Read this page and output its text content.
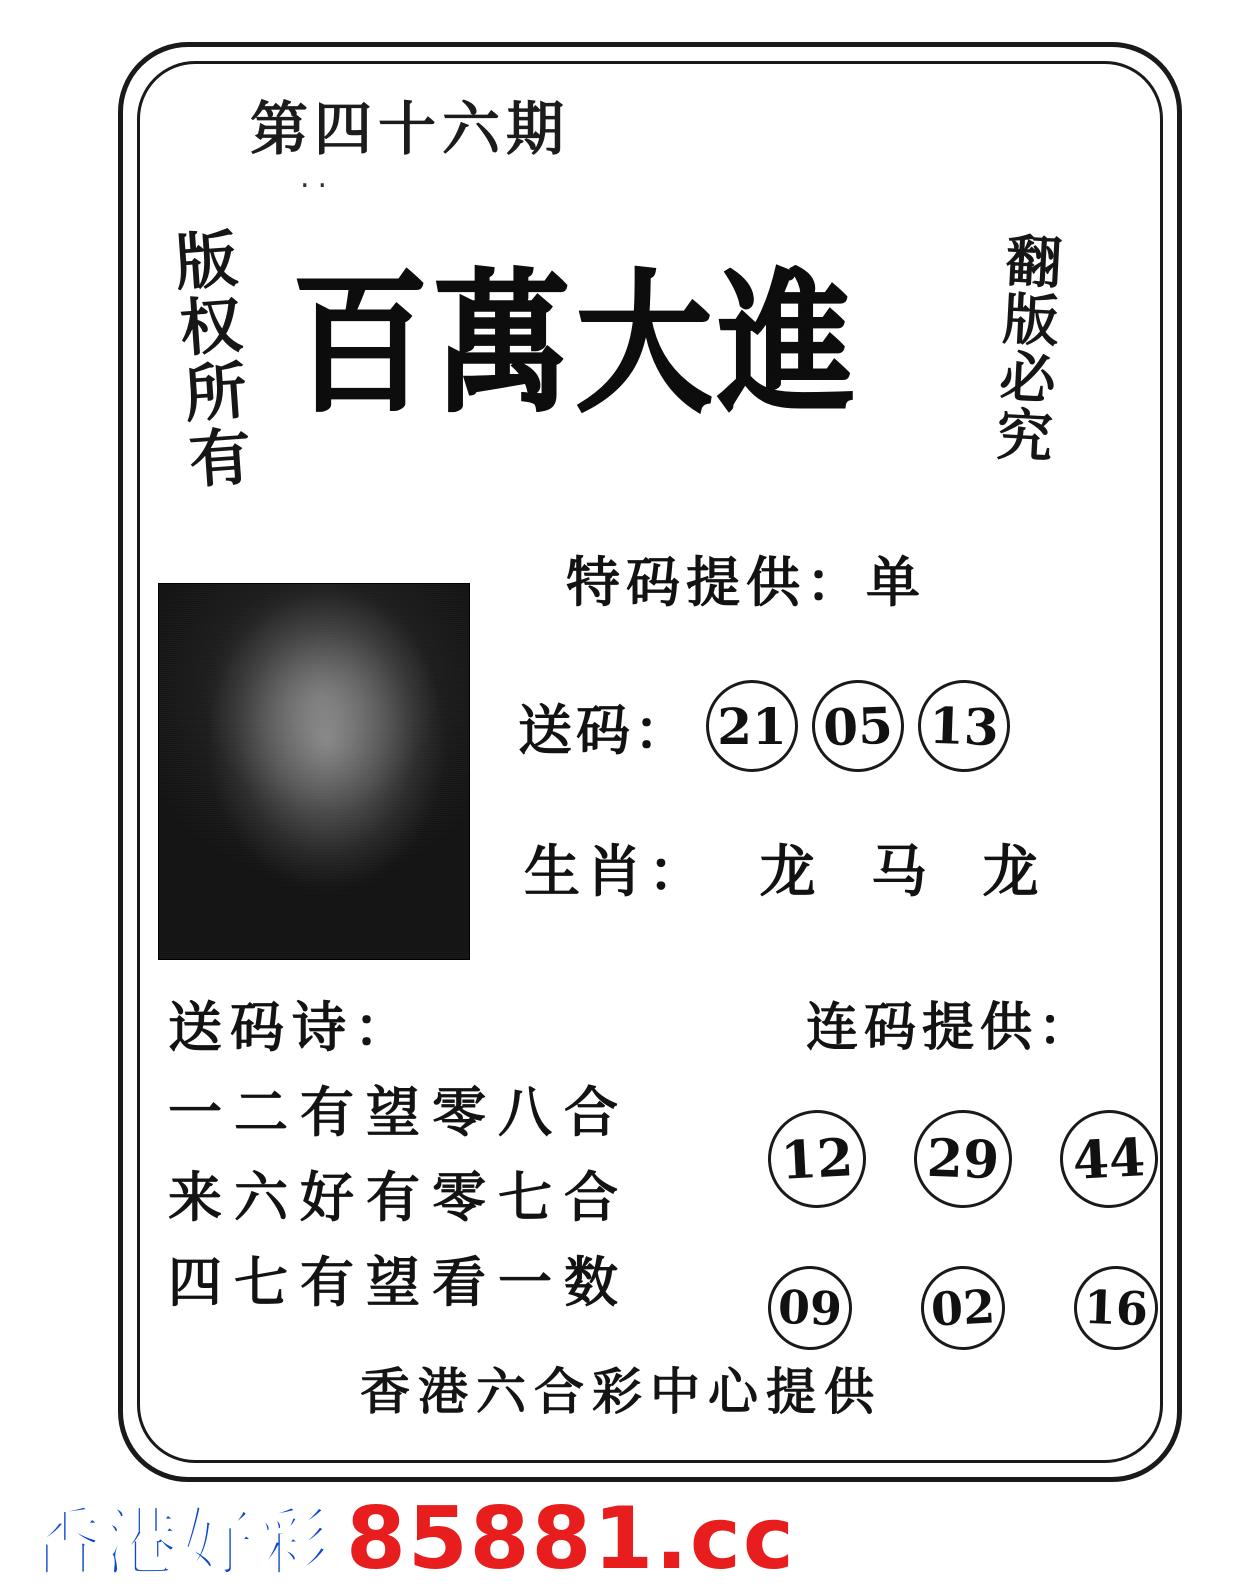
第四十六期
..
版权所有	翻版必究
百萬大進
特码提供：单
送码： 21 05 13
生肖： 龙 马 龙
送码诗：
一二有望零八合
来六好有零七合
四七有望看一数
连码提供：
12 29 44
09 02 16
香港六合彩中心提供
香港好彩 85881.cc
